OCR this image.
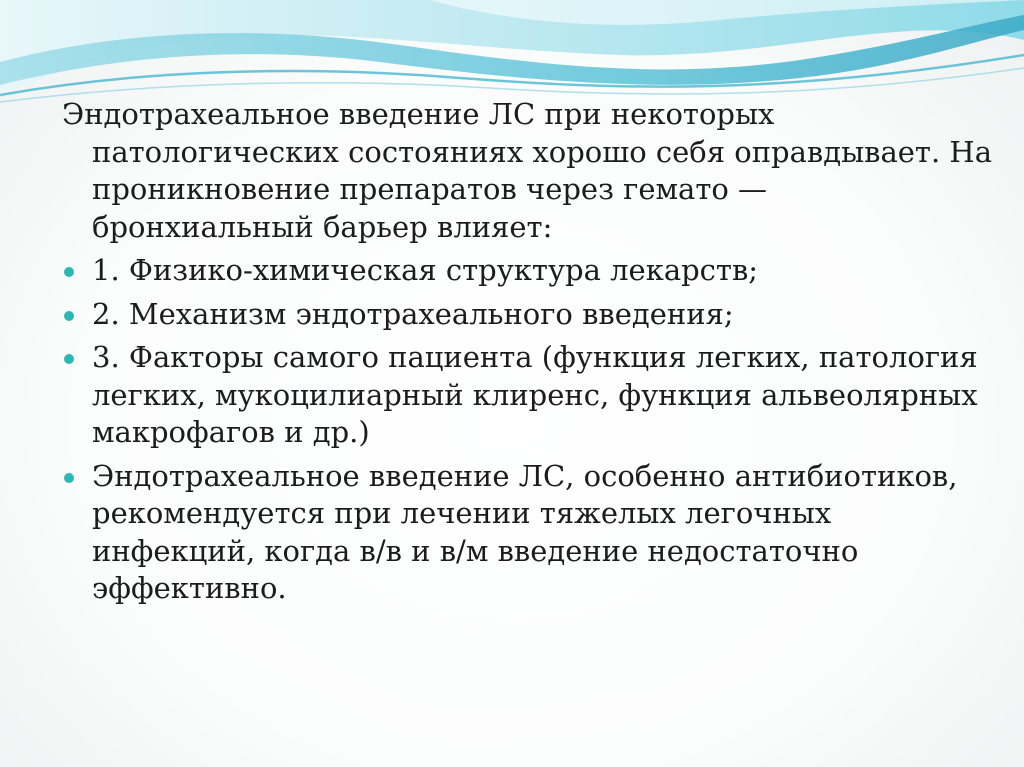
Эндотрахеальное введение ЛС при некоторых патологических состояниях хорошо себя оправдывает. На проникновение препаратов через гемато — бронхиальный барьер влияет:

1. Физико-химическая структура лекарств;
2. Механизм эндотрахеального введения;
3. Факторы самого пациента (функция легких, патология легких, мукоцилиарный клиренс, функция альвеолярных макрофагов и др.)
Эндотрахеальное введение ЛС, особенно антибиотиков, рекомендуется при лечении тяжелых легочных инфекций, когда в/в и в/м введение недостаточно эффективно.
